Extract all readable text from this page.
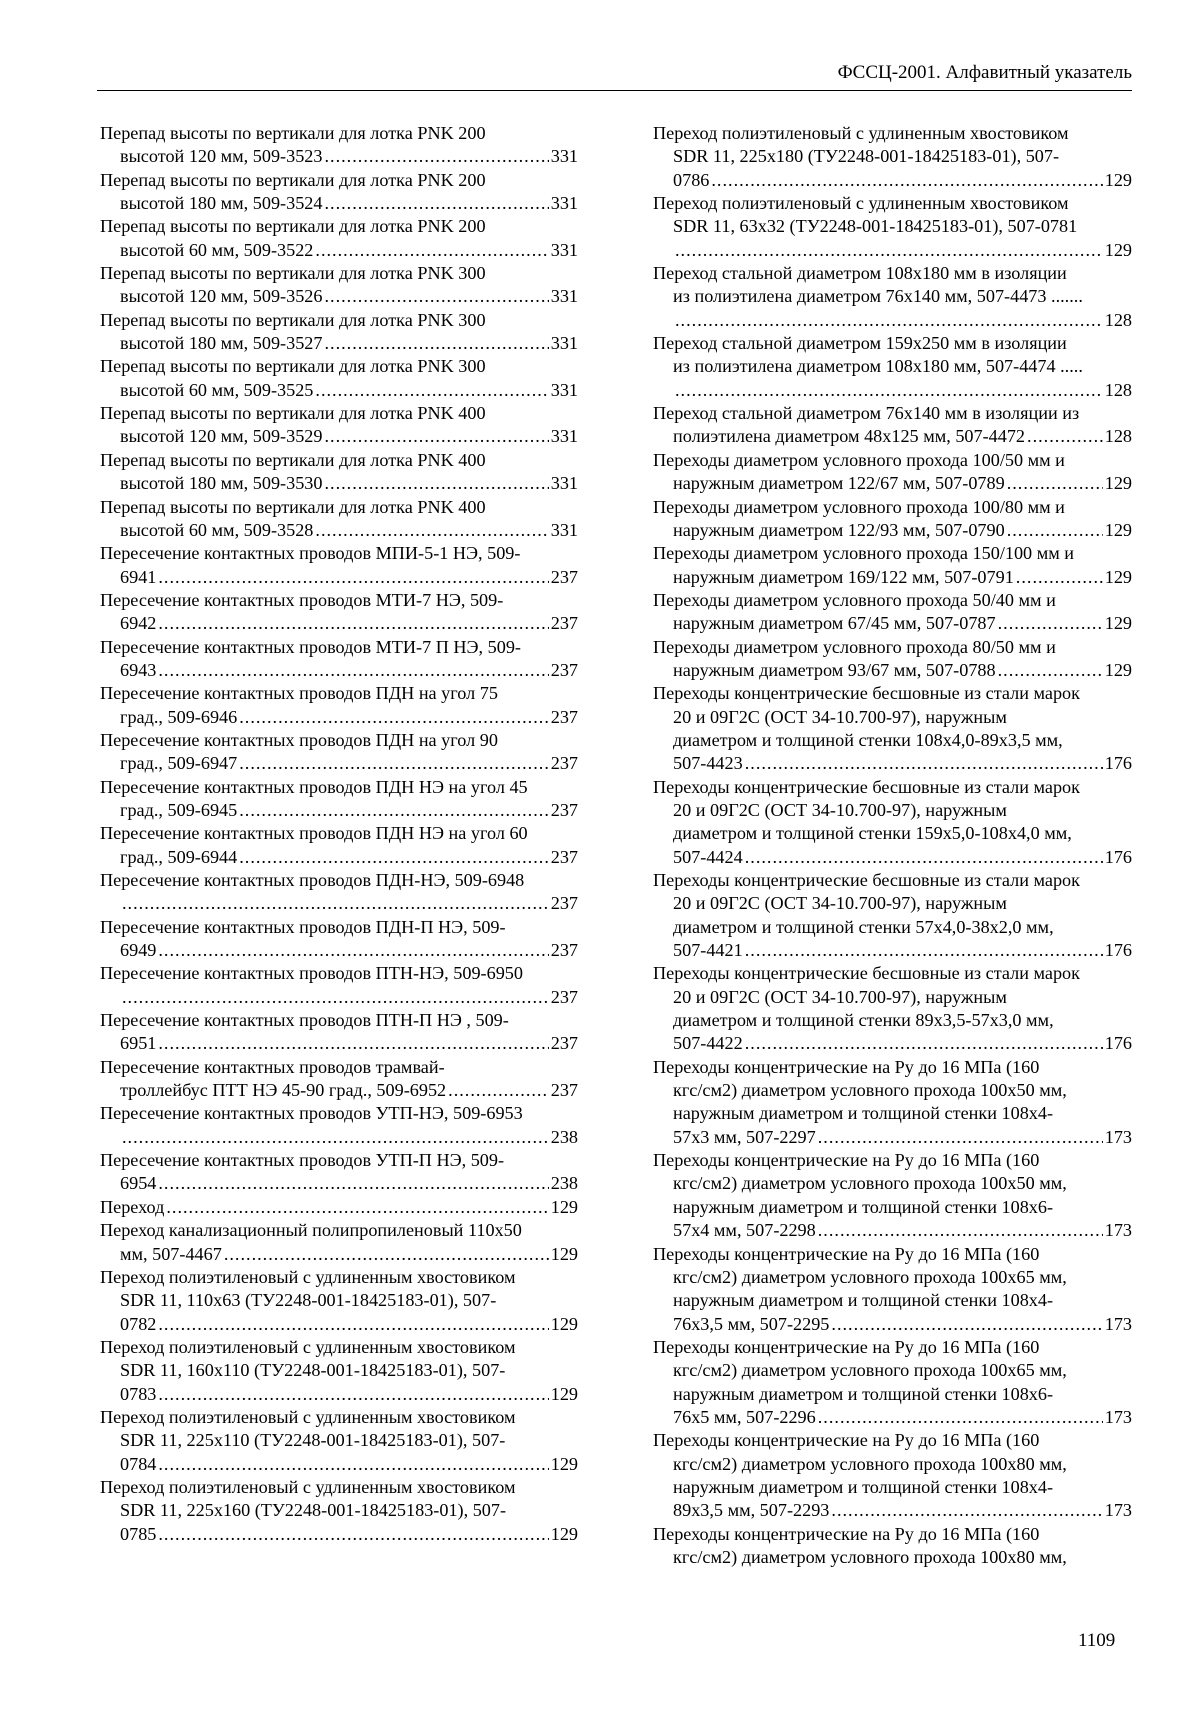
ФССЦ-2001. Алфавитный указатель
Перепад высоты по вертикали для лотка PNK 200
высотой 120 мм, 509-3523 .....	331
Перепад высоты по вертикали для лотка PNK 200
высотой 180 мм, 509-3524 .....	331
Перепад высоты по вертикали для лотка PNK 200
высотой 60 мм, 509-3522 .....	331
Перепад высоты по вертикали для лотка PNK 300
высотой 120 мм, 509-3526 .....	331
Перепад высоты по вертикали для лотка PNK 300
высотой 180 мм, 509-3527 .....	331
Перепад высоты по вертикали для лотка PNK 300
высотой 60 мм, 509-3525 .....	331
Перепад высоты по вертикали для лотка PNK 400
высотой 120 мм, 509-3529 .....	331
Перепад высоты по вертикали для лотка PNK 400
высотой 180 мм, 509-3530 .....	331
Перепад высоты по вертикали для лотка PNK 400
высотой 60 мм, 509-3528 .....	331
Пересечение контактных проводов МПИ-5-1 НЭ, 509-
6941 .....	237
Пересечение контактных проводов МТИ-7 НЭ, 509-
6942 .....	237
Пересечение контактных проводов МТИ-7 П НЭ, 509-
6943 .....	237
Пересечение контактных проводов ПДН на угол 75
град., 509-6946 .....	237
Пересечение контактных проводов ПДН на угол 90
град., 509-6947 .....	237
Пересечение контактных проводов ПДН НЭ на угол 45
град., 509-6945 .....	237
Пересечение контактных проводов ПДН НЭ на угол 60
град., 509-6944 .....	237
Пересечение контактных проводов ПДН-НЭ, 509-6948
.....
237
Пересечение контактных проводов ПДН-П НЭ, 509-
6949 .....	237
Пересечение контактных проводов ПТН-НЭ, 509-6950
.....
237
Пересечение контактных проводов ПТН-П НЭ , 509-
6951 .....	237
Пересечение контактных проводов трамвай-
троллейбус ПТТ НЭ 45-90 град., 509-6952 .....	237
Пересечение контактных проводов УТП-НЭ, 509-6953
.....
238
Пересечение контактных проводов УТП-П НЭ, 509-
6954 .....	238
Переход .....	129
Переход канализационный полипропиленовый 110х50
мм, 507-4467 .....	129
Переход полиэтиленовый с удлиненным хвостовиком
SDR 11, 110х63 (ТУ2248-001-18425183-01), 507-
0782 .....	129
Переход полиэтиленовый с удлиненным хвостовиком
SDR 11, 160х110 (ТУ2248-001-18425183-01), 507-
0783 .....	129
Переход полиэтиленовый с удлиненным хвостовиком
SDR 11, 225х110 (ТУ2248-001-18425183-01), 507-
0784 .....	129
Переход полиэтиленовый с удлиненным хвостовиком
SDR 11, 225х160 (ТУ2248-001-18425183-01), 507-
0785 .....	129
Переход полиэтиленовый с удлиненным хвостовиком
SDR 11, 225х180 (ТУ2248-001-18425183-01), 507-
0786 .....	129
Переход полиэтиленовый с удлиненным хвостовиком
SDR 11, 63х32 (ТУ2248-001-18425183-01), 507-0781
.....
129
Переход стальной диаметром 108х180 мм в изоляции
из полиэтилена диаметром 76х140 мм, 507-4473 .......
.....
128
Переход стальной диаметром 159х250 мм в изоляции
из полиэтилена диаметром 108х180 мм, 507-4474 .....
.....
128
Переход стальной диаметром 76х140 мм в изоляции из
полиэтилена диаметром 48х125 мм, 507-4472 .....	128
Переходы диаметром условного прохода 100/50 мм и
наружным диаметром 122/67 мм, 507-0789 .....	129
Переходы диаметром условного прохода 100/80 мм и
наружным диаметром 122/93 мм, 507-0790 .....	129
Переходы диаметром условного прохода 150/100 мм и
наружным диаметром 169/122 мм, 507-0791 .....	129
Переходы диаметром условного прохода 50/40 мм и
наружным диаметром 67/45 мм, 507-0787 .....	129
Переходы диаметром условного прохода 80/50 мм и
наружным диаметром 93/67 мм, 507-0788 .....	129
Переходы концентрические бесшовные из стали марок
20 и 09Г2С (ОСТ 34-10.700-97), наружным
диаметром и толщиной стенки 108х4,0-89х3,5 мм,
507-4423 .....	176
Переходы концентрические бесшовные из стали марок
20 и 09Г2С (ОСТ 34-10.700-97), наружным
диаметром и толщиной стенки 159х5,0-108х4,0 мм,
507-4424 .....	176
Переходы концентрические бесшовные из стали марок
20 и 09Г2С (ОСТ 34-10.700-97), наружным
диаметром и толщиной стенки 57х4,0-38х2,0 мм,
507-4421 .....	176
Переходы концентрические бесшовные из стали марок
20 и 09Г2С (ОСТ 34-10.700-97), наружным
диаметром и толщиной стенки 89х3,5-57х3,0 мм,
507-4422 .....	176
Переходы концентрические на Ру до 16 МПа (160
кгс/см2) диаметром условного прохода 100х50 мм,
наружным диаметром и толщиной стенки 108х4-
57х3 мм, 507-2297 .....	173
Переходы концентрические на Ру до 16 МПа (160
кгс/см2) диаметром условного прохода 100х50 мм,
наружным диаметром и толщиной стенки 108х6-
57х4 мм, 507-2298 .....	173
Переходы концентрические на Ру до 16 МПа (160
кгс/см2) диаметром условного прохода 100х65 мм,
наружным диаметром и толщиной стенки 108х4-
76х3,5 мм, 507-2295 .....	173
Переходы концентрические на Ру до 16 МПа (160
кгс/см2) диаметром условного прохода 100х65 мм,
наружным диаметром и толщиной стенки 108х6-
76х5 мм, 507-2296 .....	173
Переходы концентрические на Ру до 16 МПа (160
кгс/см2) диаметром условного прохода 100х80 мм,
наружным диаметром и толщиной стенки 108х4-
89х3,5 мм, 507-2293 .....	173
Переходы концентрические на Ру до 16 МПа (160
кгс/см2) диаметром условного прохода 100х80 мм,
1109
